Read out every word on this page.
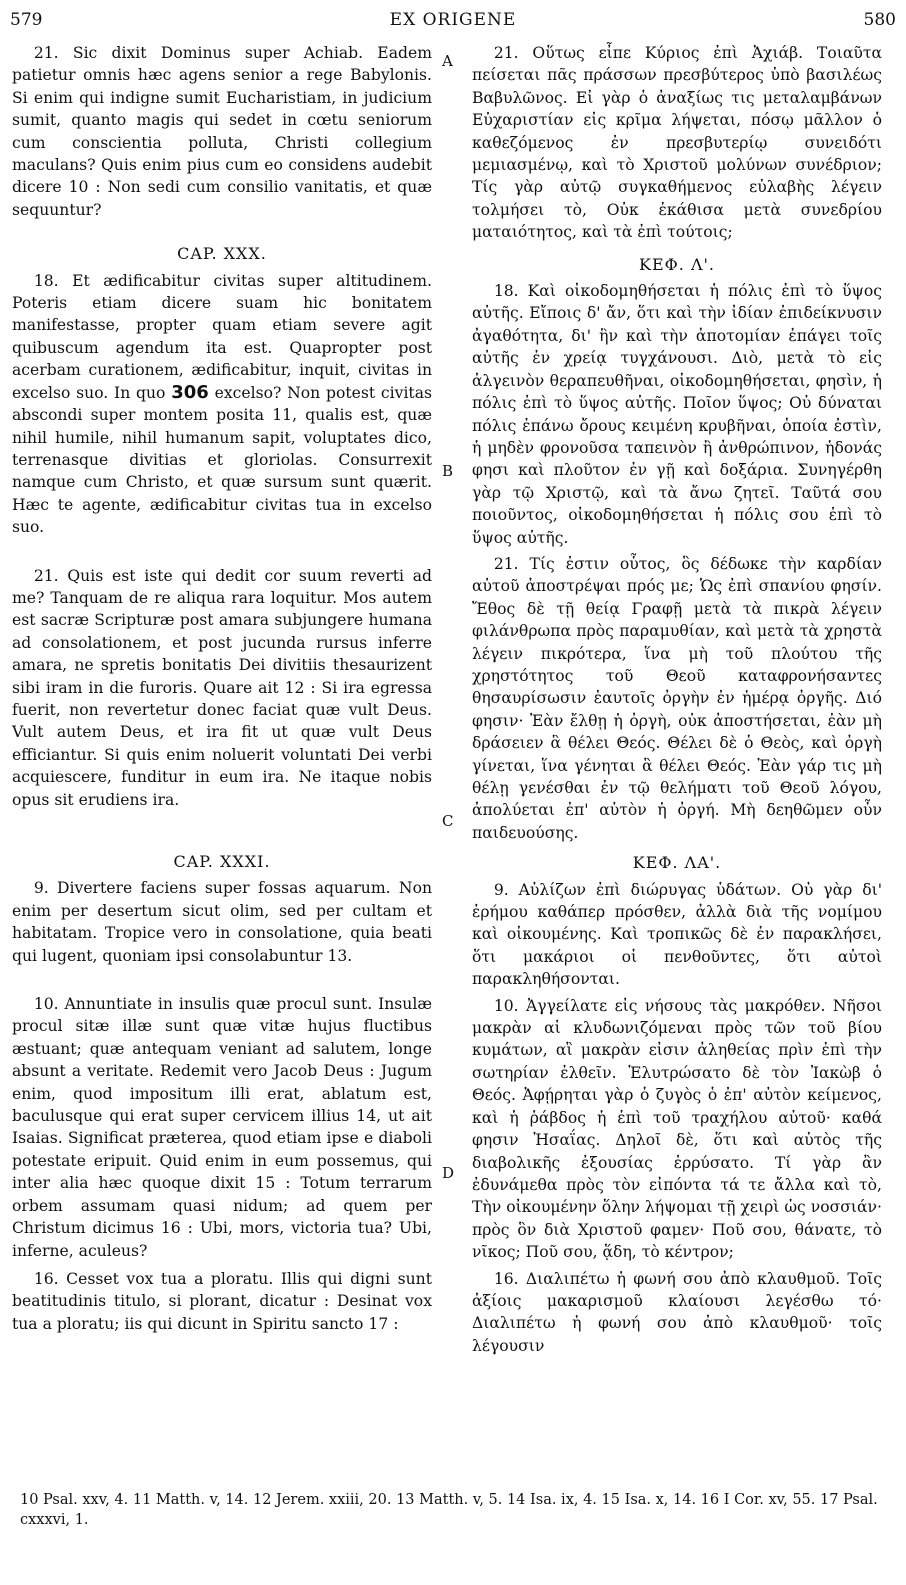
579	EX ORIGENE	580
A
B
C
D

21. Sic dixit Dominus super Achiab. Eadem patietur omnis hæc agens senior a rege Babylonis. Si enim qui indigne sumit Eucharistiam, in judicium sumit, quanto magis qui sedet in cœtu seniorum cum conscientia polluta, Christi collegium maculans? Quis enim pius cum eo considens audebit dicere 10 : Non sedi cum consilio vanitatis, et quæ sequuntur?

CAP. XXX.

18. Et ædificabitur civitas super altitudinem. Poteris etiam dicere suam hic bonitatem manifestasse, propter quam etiam severe agit quibuscum agendum ita est. Quapropter post acerbam curationem, ædificabitur, inquit, civitas in excelso suo. In quo 306 excelso? Non potest civitas abscondi super montem posita 11, qualis est, quæ nihil humile, nihil humanum sapit, voluptates dico, terrenasque divitias et gloriolas. Consurrexit namque cum Christo, et quæ sursum sunt quærit. Hæc te agente, ædificabitur civitas tua in excelso suo.

21. Quis est iste qui dedit cor suum reverti ad me? Tanquam de re aliqua rara loquitur. Mos autem est sacræ Scripturæ post amara subjungere humana ad consolationem, et post jucunda rursus inferre amara, ne spretis bonitatis Dei divitiis thesaurizent sibi iram in die furoris. Quare ait 12 : Si ira egressa fuerit, non revertetur donec faciat quæ vult Deus. Vult autem Deus, et ira fit ut quæ vult Deus efficiantur. Si quis enim noluerit voluntati Dei verbi acquiescere, funditur in eum ira. Ne itaque nobis opus sit erudiens ira.

CAP. XXXI.

9. Divertere faciens super fossas aquarum. Non enim per desertum sicut olim, sed per cultam et habitatam. Tropice vero in consolatione, quia beati qui lugent, quoniam ipsi consolabuntur 13.

10. Annuntiate in insulis quæ procul sunt. Insulæ procul sitæ illæ sunt quæ vitæ hujus fluctibus æstuant; quæ antequam veniant ad salutem, longe absunt a veritate. Redemit vero Jacob Deus : Jugum enim, quod impositum illi erat, ablatum est, baculusque qui erat super cervicem illius 14, ut ait Isaias. Significat præterea, quod etiam ipse e diaboli potestate eripuit. Quid enim in eum possemus, qui inter alia hæc quoque dixit 15 : Totum terrarum orbem assumam quasi nidum; ad quem per Christum dicimus 16 : Ubi, mors, victoria tua? Ubi, inferne, aculeus?

16. Cesset vox tua a ploratu. Illis qui digni sunt beatitudinis titulo, si plorant, dicatur : Desinat vox tua a ploratu; iis qui dicunt in Spiritu sancto 17 :

21. Οὕτως εἶπε Κύριος ἐπὶ Ἀχιάβ. Τοιαῦτα πείσεται πᾶς πράσσων πρεσβύτερος ὑπὸ βασιλέως Βαβυλῶνος. Εἰ γὰρ ὁ ἀναξίως τις μεταλαμβάνων Εὐχαριστίαν εἰς κρῖμα λήψεται, πόσῳ μᾶλλον ὁ καθεζόμενος ἐν πρεσβυτερίῳ συνειδότι μεμιασμένῳ, καὶ τὸ Χριστοῦ μολύνων συνέδριον; Τίς γὰρ αὐτῷ συγκαθήμενος εὐλαβὴς λέγειν τολμήσει τὸ, Οὐκ ἐκάθισα μετὰ συνεδρίου ματαιότητος, καὶ τὰ ἐπὶ τούτοις;

ΚΕΦ. Λ'.

18. Καὶ οἰκοδομηθήσεται ἡ πόλις ἐπὶ τὸ ὕψος αὐτῆς. Εἴποις δ' ἄν, ὅτι καὶ τὴν ἰδίαν ἐπιδείκνυσιν ἀγαθότητα, δι' ἣν καὶ τὴν ἀποτομίαν ἐπάγει τοῖς αὐτῆς ἐν χρείᾳ τυγχάνουσι. Διὸ, μετὰ τὸ εἰς ἀλγεινὸν θεραπευθῆναι, οἰκοδομηθήσεται, φησὶν, ἡ πόλις ἐπὶ τὸ ὕψος αὐτῆς. Ποῖον ὕψος; Οὐ δύναται πόλις ἐπάνω ὄρους κειμένη κρυβῆναι, ὁποία ἐστὶν, ἡ μηδὲν φρονοῦσα ταπεινὸν ἢ ἀνθρώπινον, ἡδονάς φησι καὶ πλοῦτον ἐν γῇ καὶ δοξάρια. Συνηγέρθη γὰρ τῷ Χριστῷ, καὶ τὰ ἄνω ζητεῖ. Ταῦτά σου ποιοῦντος, οἰκοδομηθήσεται ἡ πόλις σου ἐπὶ τὸ ὕψος αὐτῆς.

21. Τίς ἐστιν οὗτος, ὃς δέδωκε τὴν καρδίαν αὐτοῦ ἀποστρέψαι πρός με; Ὡς ἐπὶ σπανίου φησίν. Ἔθος δὲ τῇ θείᾳ Γραφῇ μετὰ τὰ πικρὰ λέγειν φιλάνθρωπα πρὸς παραμυθίαν, καὶ μετὰ τὰ χρηστὰ λέγειν πικρότερα, ἵνα μὴ τοῦ πλούτου τῆς χρηστότητος τοῦ Θεοῦ καταφρονήσαντες θησαυρίσωσιν ἑαυτοῖς ὀργὴν ἐν ἡμέρᾳ ὀργῆς. Διό φησιν· Ἐὰν ἔλθῃ ἡ ὀργὴ, οὐκ ἀποστήσεται, ἐὰν μὴ δράσειεν ἃ θέλει Θεός. Θέλει δὲ ὁ Θεὸς, καὶ ὀργὴ γίνεται, ἵνα γένηται ἃ θέλει Θεός. Ἐὰν γάρ τις μὴ θέλῃ γενέσθαι ἐν τῷ θελήματι τοῦ Θεοῦ λόγου, ἀπολύεται ἐπ' αὐτὸν ἡ ὀργή. Μὴ δεηθῶμεν οὖν παιδευούσης.

ΚΕΦ. ΛΑ'.

9. Αὐλίζων ἐπὶ διώρυγας ὑδάτων. Οὐ γὰρ δι' ἐρήμου καθάπερ πρόσθεν, ἀλλὰ διὰ τῆς νομίμου καὶ οἰκουμένης. Καὶ τροπικῶς δὲ ἐν παρακλήσει, ὅτι μακάριοι οἱ πενθοῦντες, ὅτι αὐτοὶ παρακληθήσονται.

10. Ἀγγείλατε εἰς νήσους τὰς μακρόθεν. Νῆσοι μακρὰν αἱ κλυδωνιζόμεναι πρὸς τῶν τοῦ βίου κυμάτων, αἳ μακρὰν εἰσιν ἀληθείας πρὶν ἐπὶ τὴν σωτηρίαν ἐλθεῖν. Ἐλυτρώσατο δὲ τὸν Ἰακὼβ ὁ Θεός. Ἀφῄρηται γὰρ ὁ ζυγὸς ὁ ἐπ' αὐτὸν κείμενος, καὶ ἡ ῥάβδος ἡ ἐπὶ τοῦ τραχήλου αὐτοῦ· καθά φησιν Ἠσαΐας. Δηλοῖ δὲ, ὅτι καὶ αὐτὸς τῆς διαβολικῆς ἐξουσίας ἐρρύσατο. Τί γὰρ ἂν ἐδυνάμεθα πρὸς τὸν εἰπόντα τά τε ἄλλα καὶ τὸ, Τὴν οἰκουμένην ὅλην λήψομαι τῇ χειρὶ ὡς νοσσιάν· πρὸς ὃν διὰ Χριστοῦ φαμεν· Ποῦ σου, θάνατε, τὸ νῖκος; Ποῦ σου, ᾅδη, τὸ κέντρον;

16. Διαλιπέτω ἡ φωνή σου ἀπὸ κλαυθμοῦ. Τοῖς ἀξίοις μακαρισμοῦ κλαίουσι λεγέσθω τό· Διαλιπέτω ἡ φωνή σου ἀπὸ κλαυθμοῦ· τοῖς λέγουσιν

10 Psal. xxv, 4. 11 Matth. v, 14. 12 Jerem. xxiii, 20. 13 Matth. v, 5. 14 Isa. ix, 4. 15 Isa. x, 14. 16 I Cor. xv, 55. 17 Psal. cxxxvi, 1.
